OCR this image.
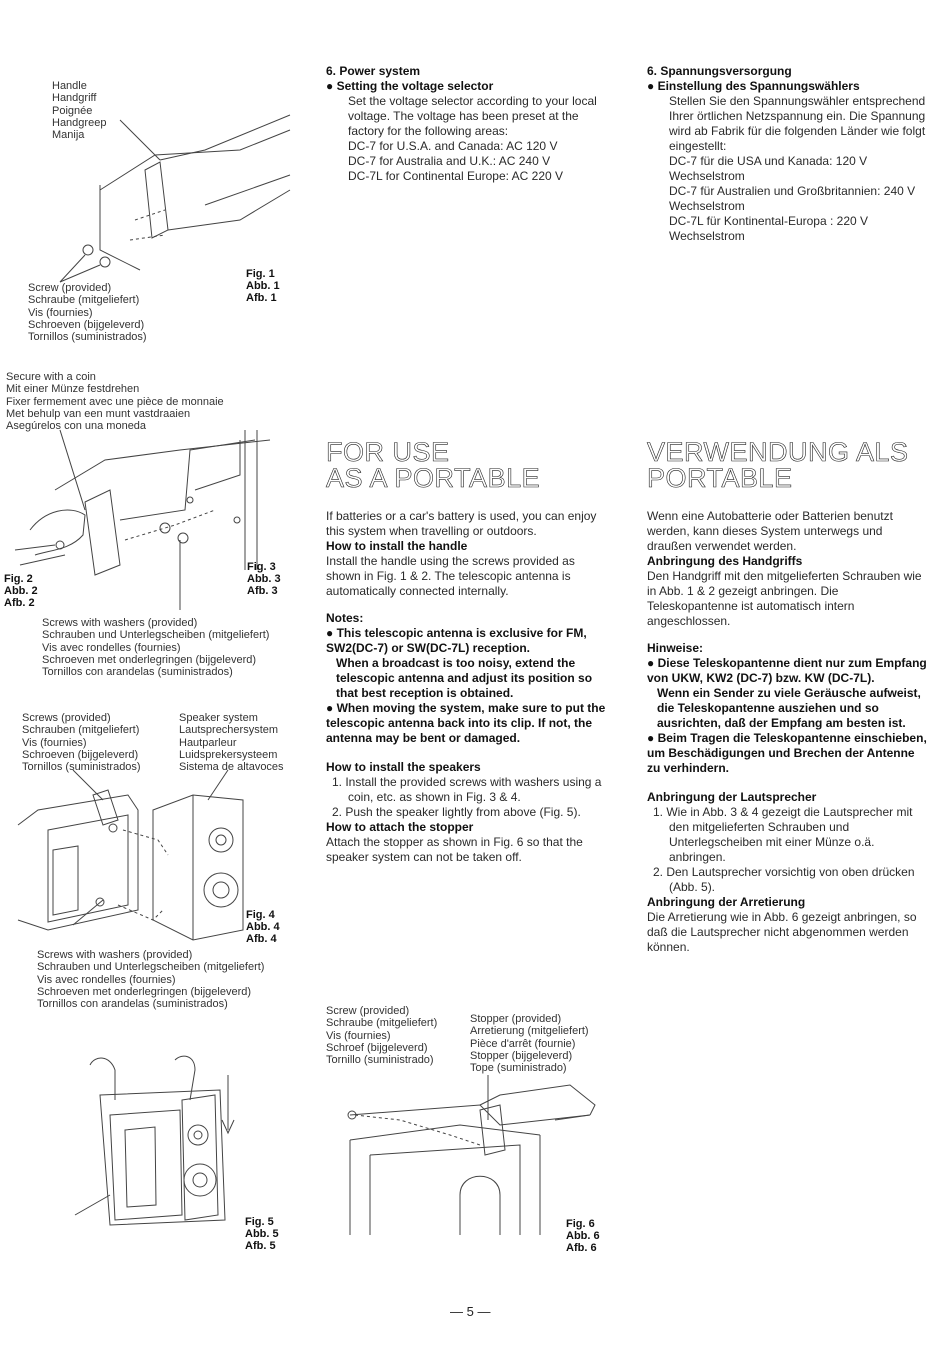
Handle
Handgriff
Poignée
Handgreep
Manija
Fig. 1
Abb. 1
Afb. 1
Screw (provided)
Schraube (mitgeliefert)
Vis (fournies)
Schroeven (bijgeleverd)
Tornillos (suministrados)
Secure with a coin
Mit einer Münze festdrehen
Fixer fermement avec une pièce de monnaie
Met behulp van een munt vastdraaien
Asegúrelos con una moneda
Fig. 2
Abb. 2
Afb. 2
Fig. 3
Abb. 3
Afb. 3
Screws with washers (provided)
Schrauben und Unterlegscheiben (mitgeliefert)
Vis avec rondelles (fournies)
Schroeven met onderlegringen (bijgeleverd)
Tornillos con arandelas (suministrados)
Screws (provided)
Schrauben (mitgeliefert)
Vis (fournies)
Schroeven (bijgeleverd)
Tornillos (suministrados)
Speaker system
Lautsprechersystem
Hautparleur
Luidsprekersysteem
Sistema de altavoces
Fig. 4
Abb. 4
Afb. 4
Screws with washers (provided)
Schrauben und Unterlegscheiben (mitgeliefert)
Vis avec rondelles (fournies)
Schroeven met onderlegringen (bijgeleverd)
Tornillos con arandelas (suministrados)
Fig. 5
Abb. 5
Afb. 5

6. Power system

● Setting the voltage selector

Set the voltage selector according to your local voltage. The voltage has been preset at the factory for the following areas:

DC-7 for U.S.A. and Canada: AC 120 V

DC-7 for Australia and U.K.: AC 240 V

DC-7L for Continental Europe: AC 220 V

FOR USE
AS A PORTABLE

If batteries or a car's battery is used, you can enjoy this system when travelling or outdoors.

How to install the handle

Install the handle using the screws provided as shown in Fig. 1 & 2. The telescopic antenna is automatically connected internally.

Notes:

● This telescopic antenna is exclusive for FM, SW2(DC-7) or SW(DC-7L) reception.

When a broadcast is too noisy, extend the telescopic antenna and adjust its position so that best reception is obtained.

● When moving the system, make sure to put the telescopic antenna back into its clip. If not, the antenna may be bent or damaged.

How to install the speakers

1. Install the provided screws with washers using a coin, etc. as shown in Fig. 3 & 4.

2. Push the speaker lightly from above (Fig. 5).

How to attach the stopper

Attach the stopper as shown in Fig. 6 so that the speaker system can not be taken off.

Screw (provided)
Schraube (mitgeliefert)
Vis (fournies)
Schroef (bijgeleverd)
Tornillo (suministrado)
Stopper (provided)
Arretierung (mitgeliefert)
Pièce d'arrêt (fournie)
Stopper (bijgeleverd)
Tope (suministrado)
Fig. 6
Abb. 6
Afb. 6

6. Spannungsversorgung

● Einstellung des Spannungswählers

Stellen Sie den Spannungswähler entsprechend Ihrer örtlichen Netzspannung ein. Die Spannung wird ab Fabrik für die folgenden Länder wie folgt eingestellt:

DC-7 für die USA und Kanada: 120 V Wechselstrom

DC-7 für Australien und Großbritannien: 240 V Wechselstrom

DC-7L für Kontinental-Europa : 220 V Wechselstrom

VERWENDUNG ALS
PORTABLE

Wenn eine Autobatterie oder Batterien benutzt werden, kann dieses System unterwegs und draußen verwendet werden.

Anbringung des Handgriffs

Den Handgriff mit den mitgelieferten Schrauben wie in Abb. 1 & 2 gezeigt anbringen. Die Teleskopantenne ist automatisch intern angeschlossen.

Hinweise:

● Diese Teleskopantenne dient nur zum Empfang von UKW, KW2 (DC-7) bzw. KW (DC-7L).

Wenn ein Sender zu viele Geräusche aufweist, die Teleskopantenne ausziehen und so ausrichten, daß der Empfang am besten ist.

● Beim Tragen die Teleskopantenne einschieben, um Beschädigungen und Brechen der Antenne zu verhindern.

Anbringung der Lautsprecher

1. Wie in Abb. 3 & 4 gezeigt die Lautsprecher mit den mitgelieferten Schrauben und Unterlegscheiben mit einer Münze o.ä. anbringen.

2. Den Lautsprecher vorsichtig von oben drücken (Abb. 5).

Anbringung der Arretierung

Die Arretierung wie in Abb. 6 gezeigt anbringen, so daß die Lautsprecher nicht abgenommen werden können.

— 5 —
